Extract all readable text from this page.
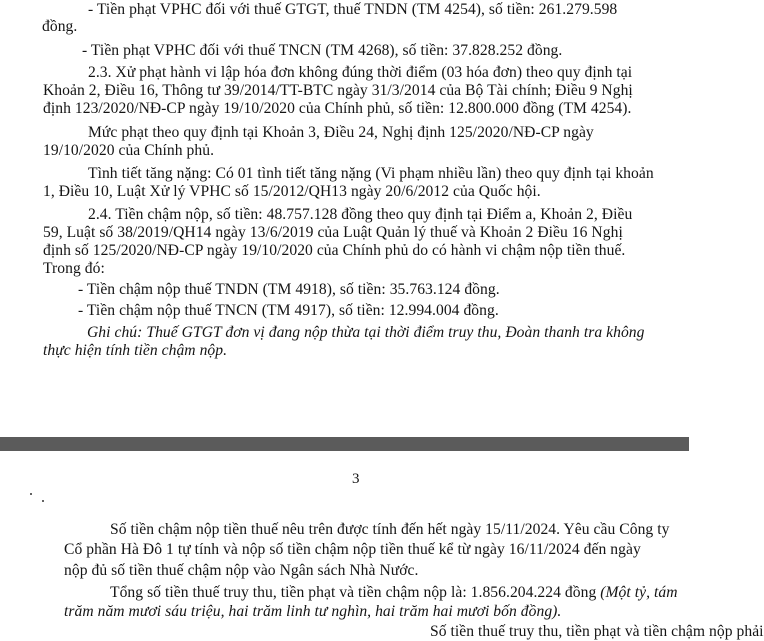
- Tiền phạt VPHC đối với thuế GTGT, thuế TNDN (TM 4254), số tiền: 261.279.598
đồng.
- Tiền phạt VPHC đối với thuế TNCN (TM 4268), số tiền: 37.828.252 đồng.
2.3. Xử phạt hành vi lập hóa đơn không đúng thời điểm (03 hóa đơn) theo quy định tại
Khoản 2, Điều 16, Thông tư 39/2014/TT-BTC ngày 31/3/2014 của Bộ Tài chính; Điều 9 Nghị
định 123/2020/NĐ-CP ngày 19/10/2020 của Chính phủ, số tiền: 12.800.000 đồng (TM 4254).
Mức phạt theo quy định tại Khoản 3, Điều 24, Nghị định 125/2020/NĐ-CP ngày
19/10/2020 của Chính phủ.
Tình tiết tăng nặng: Có 01 tình tiết tăng nặng (Vi phạm nhiều lần) theo quy định tại khoản
1, Điều 10, Luật Xử lý VPHC số 15/2012/QH13 ngày 20/6/2012 của Quốc hội.
2.4. Tiền chậm nộp, số tiền: 48.757.128 đồng theo quy định tại Điểm a, Khoản 2, Điều
59, Luật số 38/2019/QH14 ngày 13/6/2019 của Luật Quản lý thuế và Khoản 2 Điều 16 Nghị
định số 125/2020/NĐ-CP ngày 19/10/2020 của Chính phủ do có hành vi chậm nộp tiền thuế.
Trong đó:
- Tiền chậm nộp thuế TNDN (TM 4918), số tiền: 35.763.124 đồng.
- Tiền chậm nộp thuế TNCN (TM 4917), số tiền: 12.994.004 đồng.
Ghi chú: Thuế GTGT đơn vị đang nộp thừa tại thời điểm truy thu, Đoàn thanh tra không
thực hiện tính tiền chậm nộp.
3
Số tiền chậm nộp tiền thuế nêu trên được tính đến hết ngày 15/11/2024. Yêu cầu Công ty
Cổ phần Hà Đô 1 tự tính và nộp số tiền chậm nộp tiền thuế kể từ ngày 16/11/2024 đến ngày
nộp đủ số tiền thuế chậm nộp vào Ngân sách Nhà Nước.
Tổng số tiền thuế truy thu, tiền phạt và tiền chậm nộp là: 1.856.204.224 đồng (Một tỷ, tám
trăm năm mươi sáu triệu, hai trăm linh tư nghìn, hai trăm hai mươi bốn đồng).
Số tiền thuế truy thu, tiền phạt và tiền chậm nộp phải
